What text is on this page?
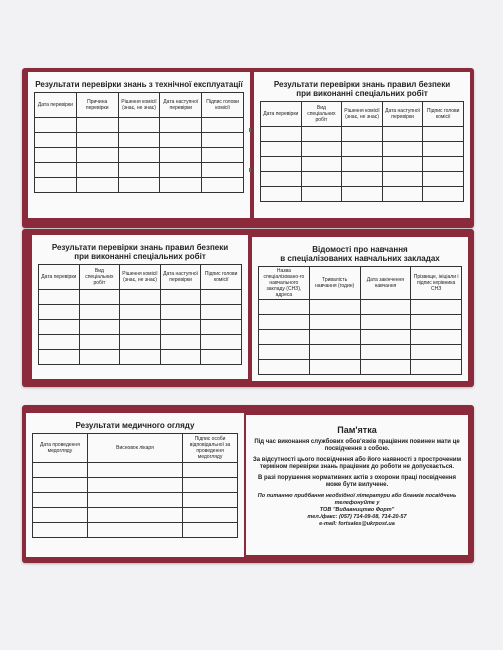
Результати перевірки знань з технічної експлуатації
Дата перевірки	Причина перевірки	Рішення комісії (знає, не знає)	Дата наступної перевірки	Підпис голови комісії

Результати перевірки знань правил безпеки
при виконанні спеціальних робіт
Дата перевірки	Вид спеціальних робіт	Рішення комісії (знає, не знає)	Дата наступної перевірки	Підпис голови комісії

Результати перевірки знань правил безпеки
при виконанні спеціальних робіт
Дата перевірки	Вид спеціальних робіт	Рішення комісії (знає, не знає)	Дата наступної перевірки	Підпис голови комісії

Відомості про навчання
в спеціалізованих навчальних закладах
Назва спеціалізовано-го навчального закладу (СНЗ), адреса	Тривалість навчання (годин)	Дата закінчення навчання	Прізвище, ініціали і підпис керівника СНЗ

Результати медичного огляду
Дата проведення медогляду	Висновок лікаря	Підпис особи відповідальної за проведення медогляду

Пам'ятка

Під час виконання службових обов'язків працівник повинен мати це посвідчення з собою.

За відсутності цього посвідчення або його наявності з простроченим терміном перевірки знань працівник до роботи не допускається.

В разі порушення нормативних актів з охорони праці посвідчення може бути вилучене.

По питанню придбання необхідної літератури або бланків посвідчень телефонуйте у
ТОВ "Видавництво Форт"
тел./факс: (057) 714-09-08, 714-20-57
e-mail: fortsales@ukrpost.ua
